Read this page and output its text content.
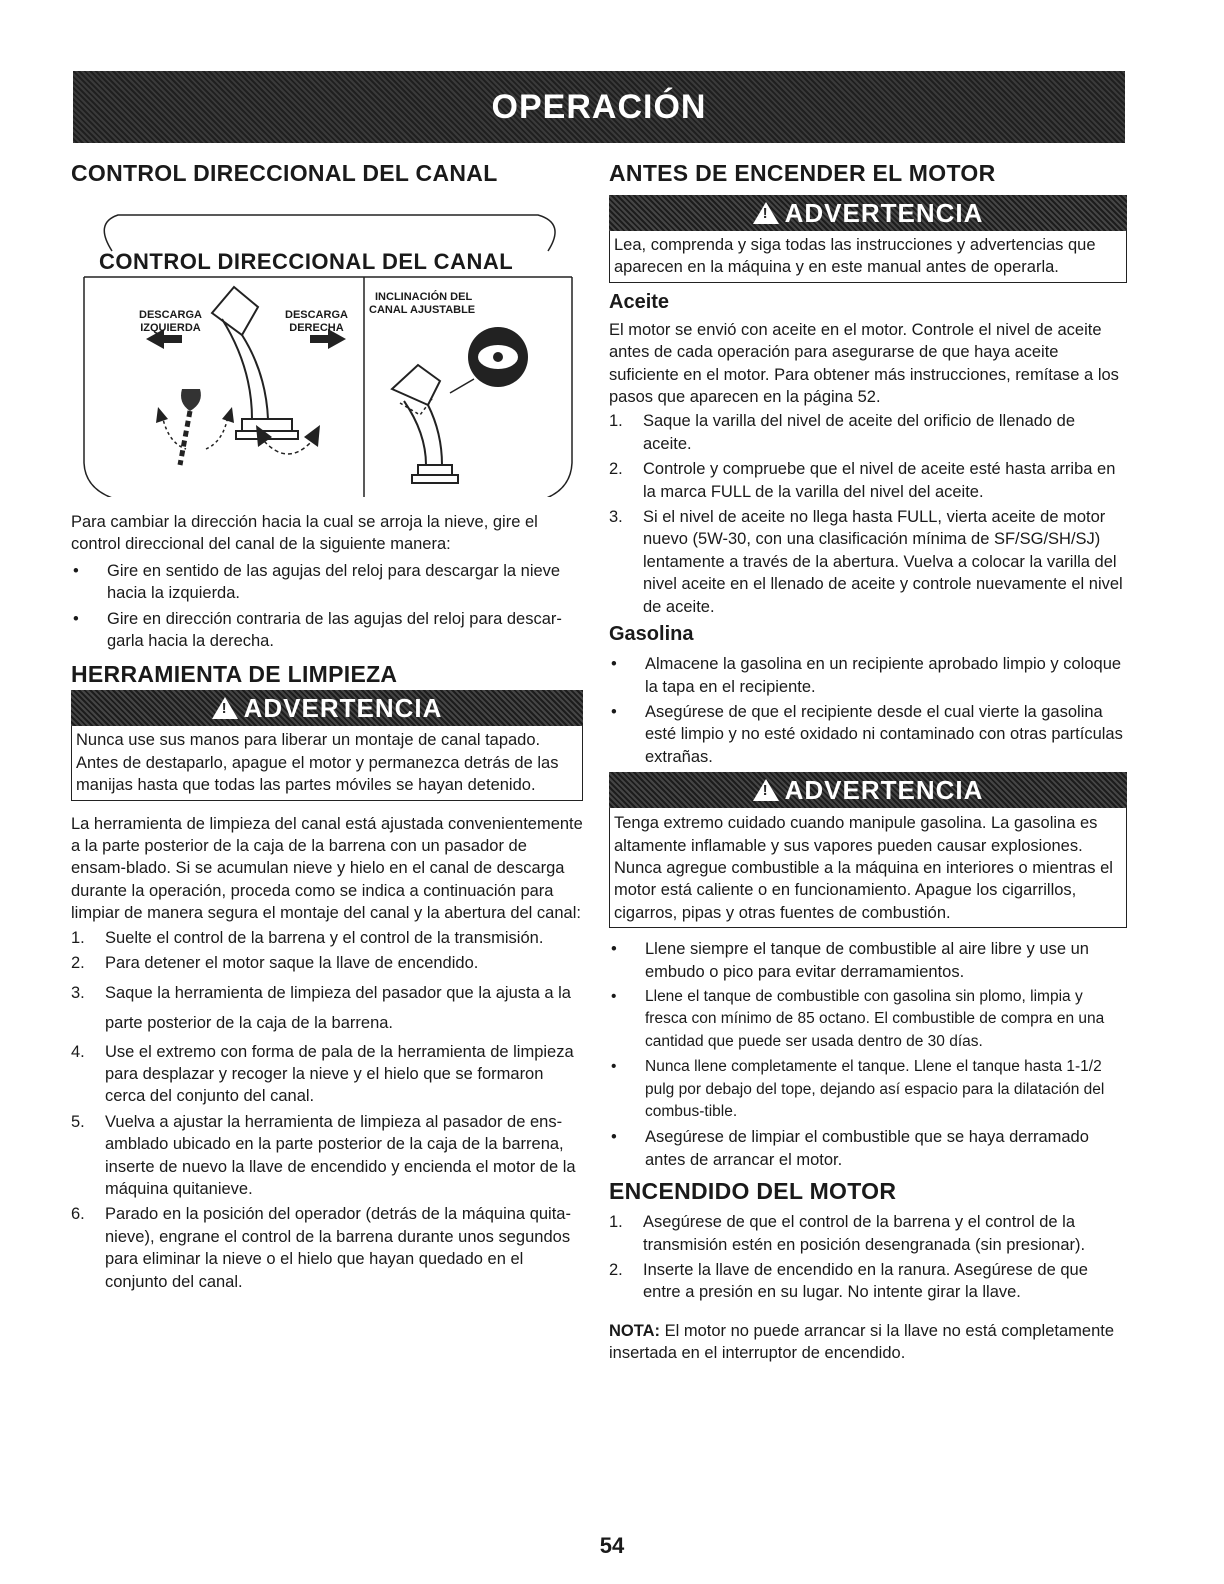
OPERACIÓN
CONTROL DIRECCIONAL DEL CANAL
CONTROL DIRECCIONAL DEL CANAL
DESCARGA
IZQUIERDA
DESCARGA
DERECHA
INCLINACIÓN DEL
CANAL AJUSTABLE

Para cambiar la dirección hacia la cual se arroja la nieve, gire el control direccional del canal de la siguiente manera:

•	Gire en sentido de las agujas del reloj para descargar la nieve hacia la izquierda.
•	Gire en dirección contraria de las agujas del reloj para descar-garla hacia la derecha.
HERRAMIENTA DE LIMPIEZA
!
ADVERTENCIA
Nunca use sus manos para liberar un montaje de canal tapado. Antes de destaparlo, apague el motor y permanezca detrás de las manijas hasta que todas las partes móviles se hayan detenido.

La herramienta de limpieza del canal está ajustada convenientemente a la parte posterior de la caja de la barrena con un pasador de ensam-blado. Si se acumulan nieve y hielo en el canal de descarga durante la operación, proceda como se indica a continuación para limpiar de manera segura el montaje del canal y la abertura del canal:

1.	Suelte el control de la barrena y el control de la transmisión.
2.	Para detener el motor saque la llave de encendido.
3.	Saque la herramienta de limpieza del pasador que la ajusta a la parte posterior de la caja de la barrena.
4.	Use el extremo con forma de pala de la herramienta de limpieza para desplazar y recoger la nieve y el hielo que se formaron cerca del conjunto del canal.
5.	Vuelva a ajustar la herramienta de limpieza al pasador de ens-amblado ubicado en la parte posterior de la caja de la barrena, inserte de nuevo la llave de encendido y encienda el motor de la máquina quitanieve.
6.	Parado en la posición del operador (detrás de la máquina quita-nieve), engrane el control de la barrena durante unos segundos para eliminar la nieve o el hielo que hayan quedado en el conjunto del canal.
ANTES DE ENCENDER EL MOTOR
!
ADVERTENCIA
Lea, comprenda y siga todas las instrucciones y advertencias que aparecen en la máquina y en este manual antes de operarla.
Aceite

El motor se envió con aceite en el motor. Controle el nivel de aceite antes de cada operación para asegurarse de que haya aceite suficiente en el motor. Para obtener más instrucciones, remítase a los pasos que aparecen en la página 52.

1.	Saque la varilla del nivel de aceite del orificio de llenado de aceite.
2.	Controle y compruebe que el nivel de aceite esté hasta arriba en la marca FULL de la varilla del nivel del aceite.
3.	Si el nivel de aceite no llega hasta FULL, vierta aceite de motor nuevo (5W-30, con una clasificación mínima de SF/SG/SH/SJ) lentamente a través de la abertura. Vuelva a colocar la varilla del nivel aceite en el llenado de aceite y controle nuevamente el nivel de aceite.
Gasolina
•	Almacene la gasolina en un recipiente aprobado limpio y coloque la tapa en el recipiente.
•	Asegúrese de que el recipiente desde el cual vierte la gasolina esté limpio y no esté oxidado ni contaminado con otras partículas extrañas.
!
ADVERTENCIA
Tenga extremo cuidado cuando manipule gasolina. La gasolina es altamente inflamable y sus vapores pueden causar explosiones. Nunca agregue combustible a la máquina en interiores o mientras el motor está caliente o en funcionamiento. Apague los cigarrillos, cigarros, pipas y otras fuentes de combustión.
•	Llene siempre el tanque de combustible al aire libre y use un embudo o pico para evitar derramamientos.
•	Llene el tanque de combustible con gasolina sin plomo, limpia y fresca con mínimo de 85 octano. El combustible de compra en una cantidad que puede ser usada dentro de 30 días.
•	Nunca llene completamente el tanque. Llene el tanque hasta 1-1/2 pulg por debajo del tope, dejando así espacio para la dilatación del combus-tible.
•	Asegúrese de limpiar el combustible que se haya derramado antes de arrancar el motor.
ENCENDIDO DEL MOTOR
1.	Asegúrese de que el control de la barrena y el control de la transmisión estén en posición desengranada (sin presionar).
2.	Inserte la llave de encendido en la ranura. Asegúrese de que entre a presión en su lugar. No intente girar la llave.

NOTA: El motor no puede arrancar si la llave no está completamente insertada en el interruptor de encendido.

54
